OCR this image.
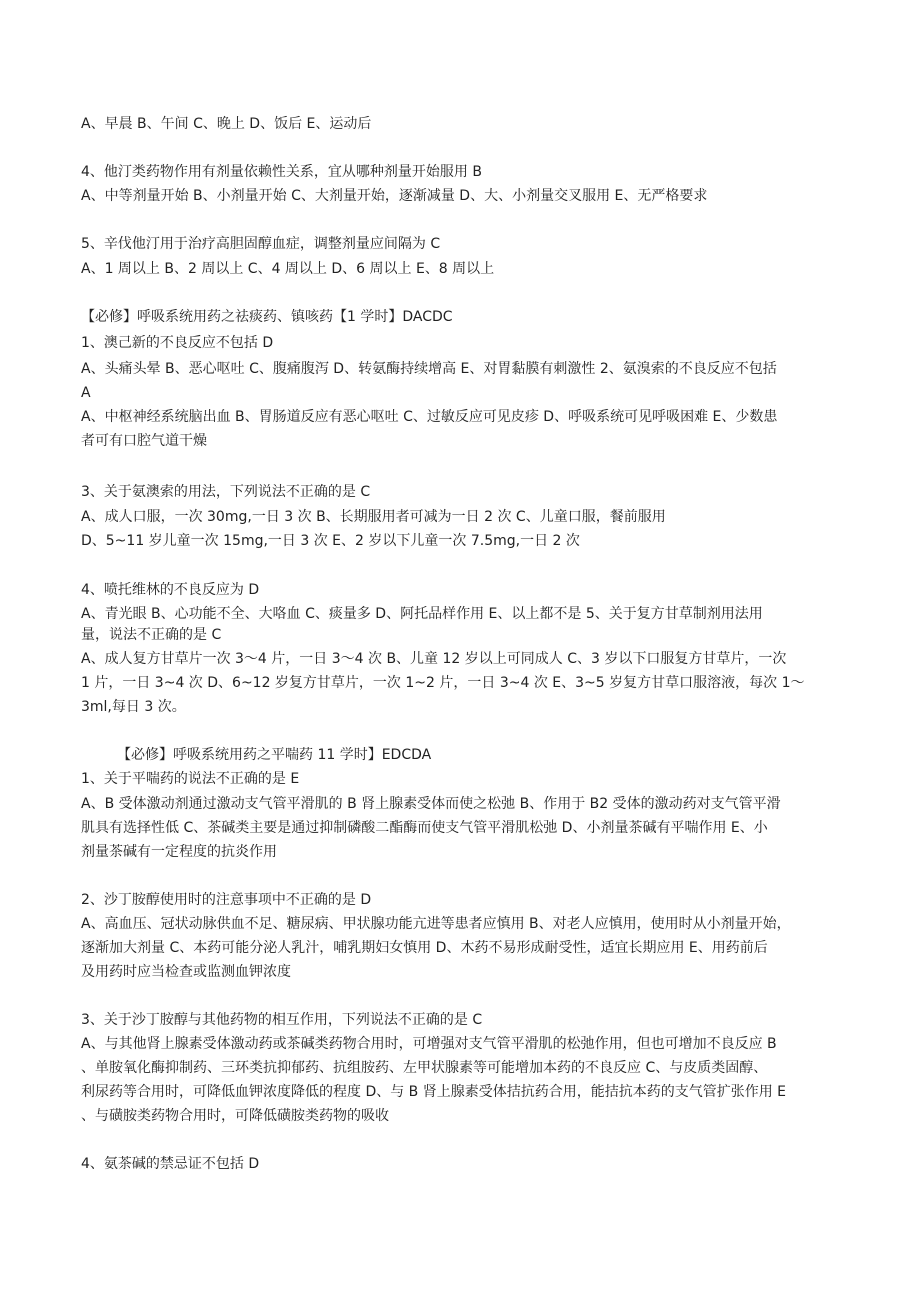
A、早晨 B、午间 C、晚上 D、饭后 E、运动后
4、他汀类药物作用有剂量依赖性关系，宜从哪种剂量开始服用 B
A、中等剂量开始 B、小剂量开始 C、大剂量开始，逐渐减量 D、大、小剂量交叉服用 E、无严格要求
5、辛伐他汀用于治疗高胆固醇血症，调整剂量应间隔为 C
A、1 周以上 B、2 周以上 C、4 周以上 D、6 周以上 E、8 周以上
【必修】呼吸系统用药之祛痰药、镇咳药【1 学时】DACDC
1、澳己新的不良反应不包括 D
A、头痛头晕 B、恶心呕吐 C、腹痛腹泻 D、转氨酶持续增高 E、对胃黏膜有刺激性 2、氨溴索的不良反应不包括
A
A、中枢神经系统脑出血 B、胃肠道反应有恶心呕吐 C、过敏反应可见皮疹 D、呼吸系统可见呼吸困难 E、少数患
者可有口腔气道干燥
3、关于氨澳索的用法，下列说法不正确的是 C
A、成人口服，一次 30mg,一日 3 次 B、长期服用者可减为一日 2 次 C、儿童口服，餐前服用
D、5~11 岁儿童一次 15mg,一日 3 次 E、2 岁以下儿童一次 7.5mg,一日 2 次
4、喷托维林的不良反应为 D
A、青光眼 B、心功能不全、大咯血 C、痰量多 D、阿托品样作用 E、以上都不是 5、关于复方甘草制剂用法用
量，说法不正确的是 C
A、成人复方甘草片一次 3～4 片，一日 3～4 次 B、儿童 12 岁以上可同成人 C、3 岁以下口服复方甘草片，一次
1 片，一日 3~4 次 D、6~12 岁复方甘草片，一次 1~2 片，一日 3~4 次 E、3~5 岁复方甘草口服溶液，每次 1～
3ml,每日 3 次。
【必修】呼吸系统用药之平喘药 11 学时】EDCDA
1、关于平喘药的说法不正确的是 E
A、B 受体激动剂通过激动支气管平滑肌的 B 肾上腺素受体而使之松弛 B、作用于 B2 受体的激动药对支气管平滑
肌具有选择性低 C、茶碱类主要是通过抑制磷酸二酯酶而使支气管平滑肌松弛 D、小剂量茶碱有平喘作用 E、小
剂量茶碱有一定程度的抗炎作用
2、沙丁胺醇使用时的注意事项中不正确的是 D
A、高血压、冠状动脉供血不足、糖尿病、甲状腺功能亢进等患者应慎用 B、对老人应慎用，使用时从小剂量开始，
逐渐加大剂量 C、本药可能分泌人乳汁，哺乳期妇女慎用 D、木药不易形成耐受性，适宜长期应用 E、用药前后
及用药时应当检查或监测血钾浓度
3、关于沙丁胺醇与其他药物的相互作用，下列说法不正确的是 C
A、与其他肾上腺素受体激动药或茶碱类药物合用时，可增强对支气管平滑肌的松弛作用，但也可增加不良反应 B
、单胺氧化酶抑制药、三环类抗抑郁药、抗组胺药、左甲状腺素等可能增加本药的不良反应 C、与皮质类固醇、
利尿药等合用时，可降低血钾浓度降低的程度 D、与 B 肾上腺素受体拮抗药合用，能拮抗本药的支气管扩张作用 E
、与磺胺类药物合用时，可降低磺胺类药物的吸收
4、氨茶碱的禁忌证不包括 D
